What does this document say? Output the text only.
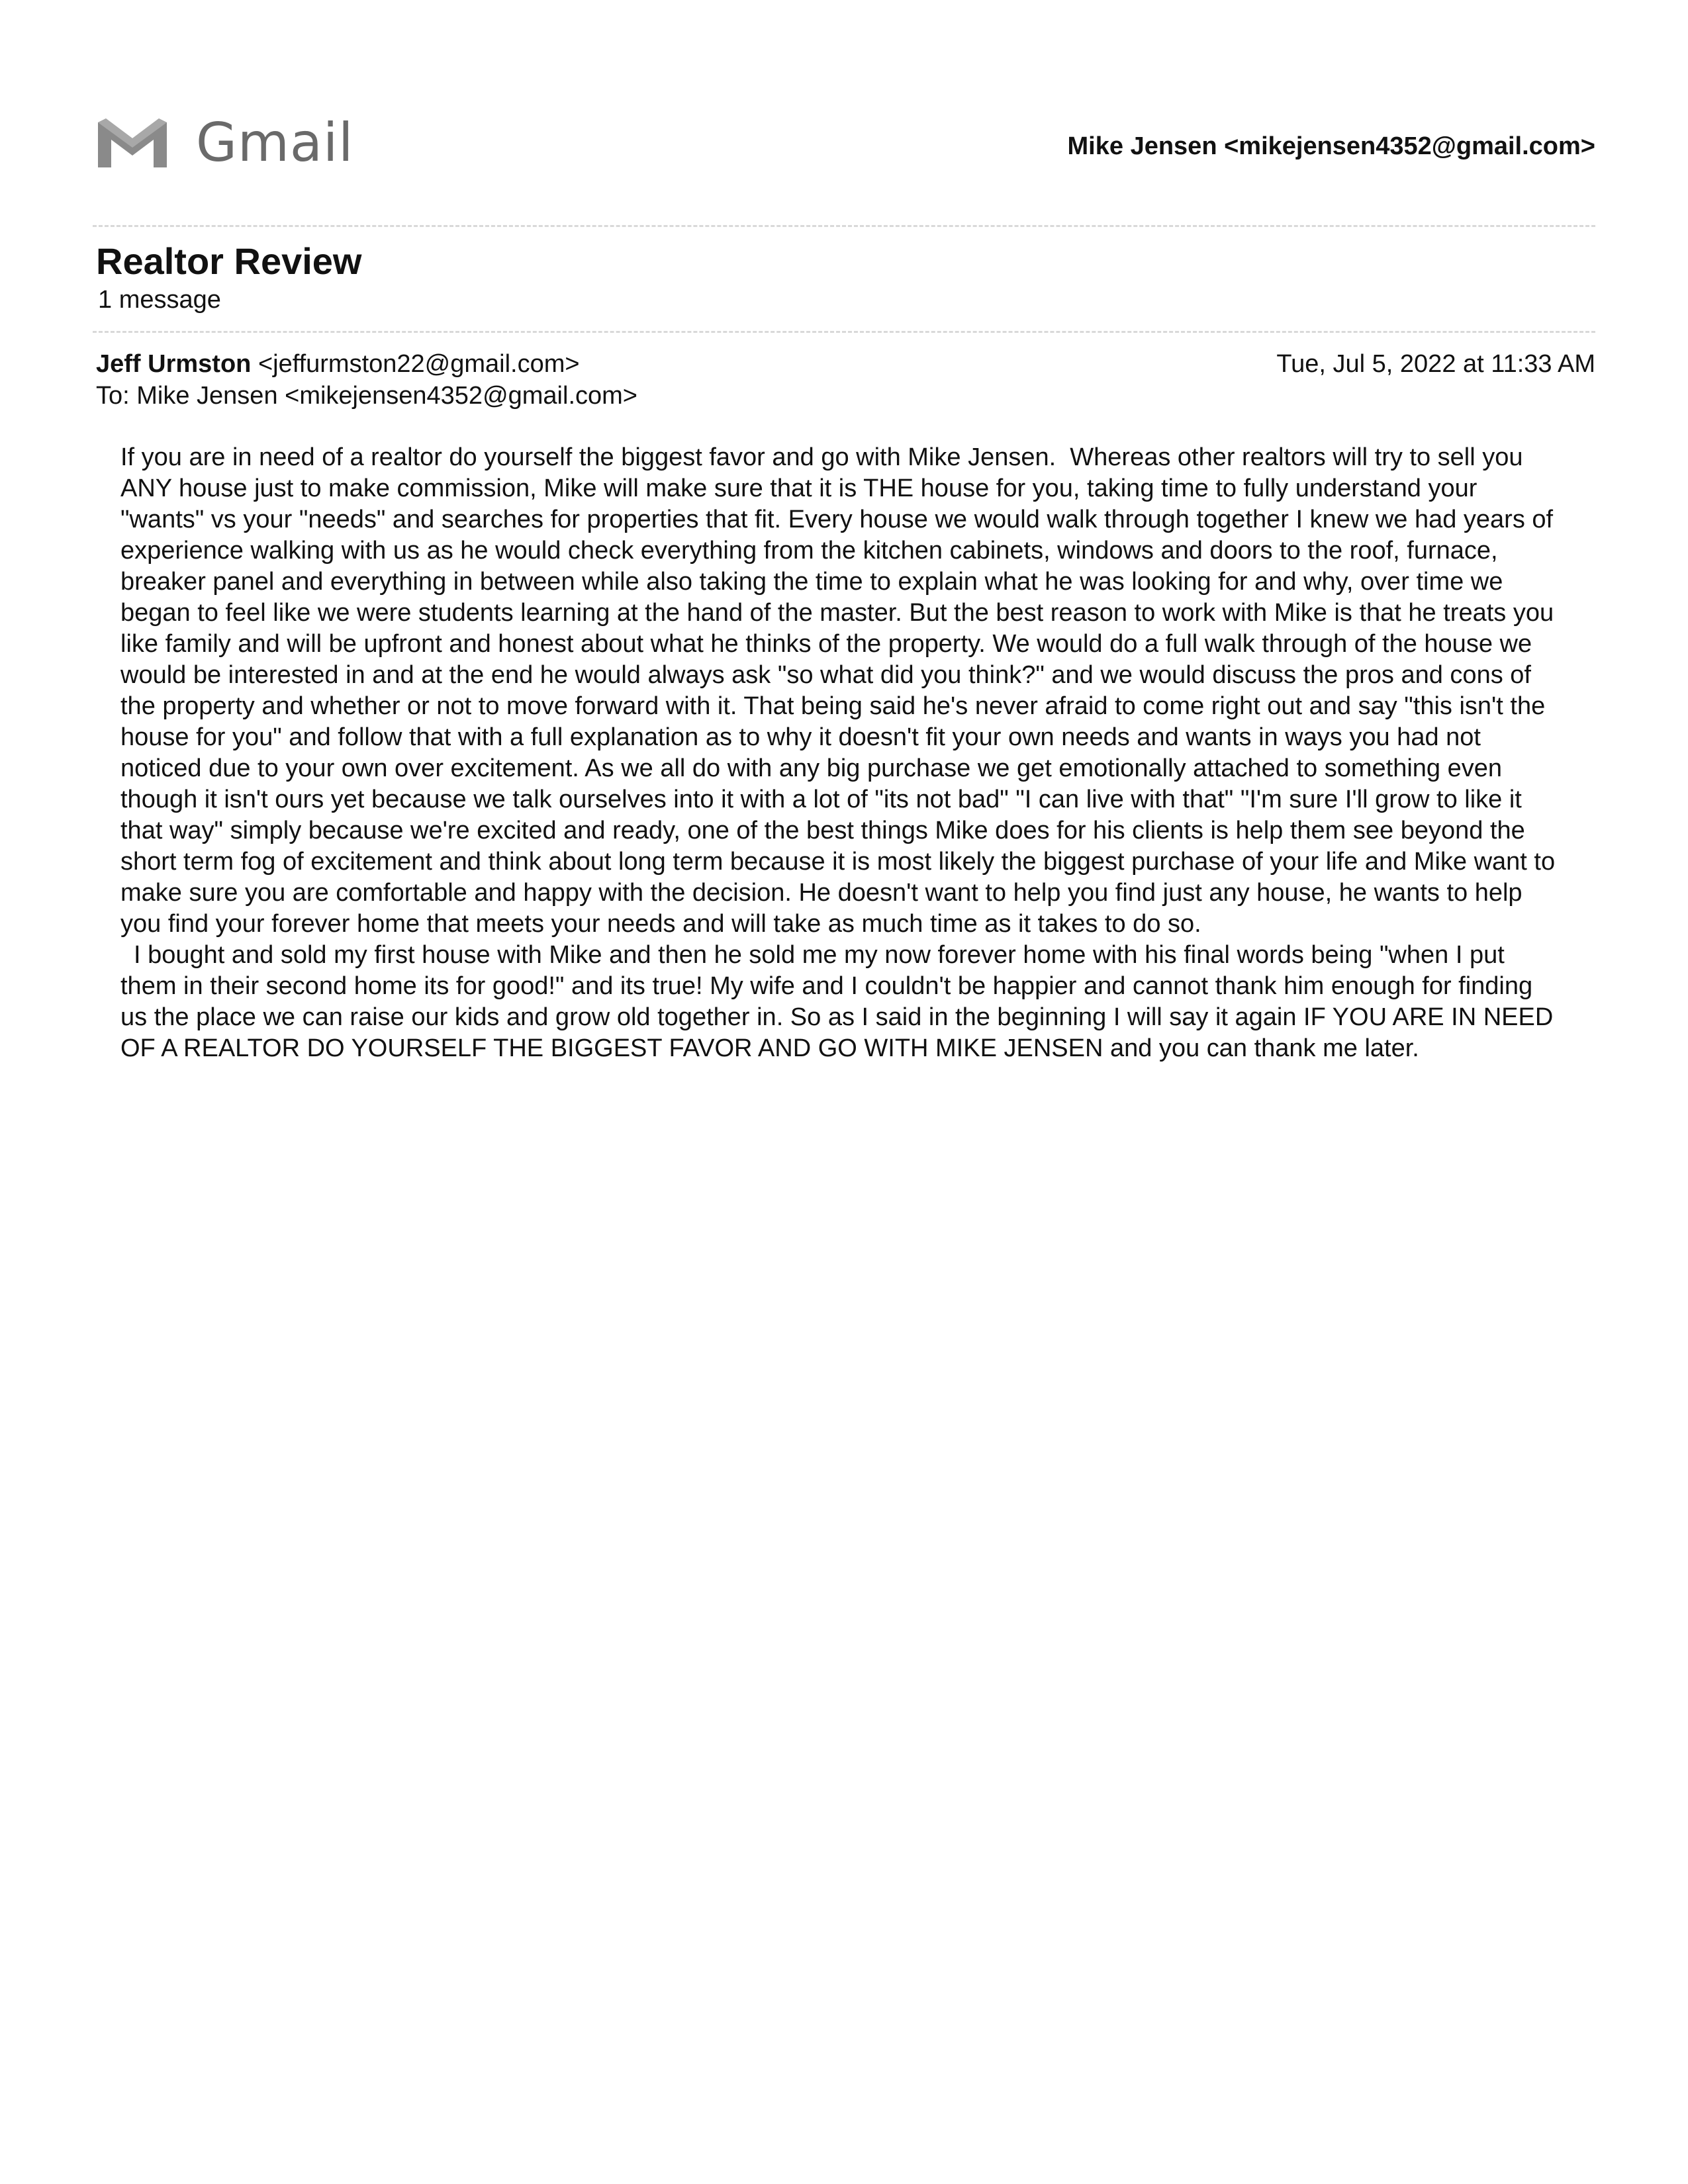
Gmail	Mike Jensen <mikejensen4352@gmail.com>
Realtor Review
1 message
Jeff Urmston <jeffurmston22@gmail.com>
To: Mike Jensen <mikejensen4352@gmail.com>
Tue, Jul 5, 2022 at 11:33 AM

If you are in need of a realtor do yourself the biggest favor and go with Mike Jensen.  Whereas other realtors will try to sell you ANY house just to make commission, Mike will make sure that it is THE house for you, taking time to fully understand your "wants" vs your "needs" and searches for properties that fit. Every house we would walk through together I knew we had years of experience walking with us as he would check everything from the kitchen cabinets, windows and doors to the roof, furnace, breaker panel and everything in between while also taking the time to explain what he was looking for and why, over time we began to feel like we were students learning at the hand of the master. But the best reason to work with Mike is that he treats you like family and will be upfront and honest about what he thinks of the property. We would do a full walk through of the house we would be interested in and at the end he would always ask "so what did you think?" and we would discuss the pros and cons of the property and whether or not to move forward with it. That being said he's never afraid to come right out and say "this isn't the house for you" and follow that with a full explanation as to why it doesn't fit your own needs and wants in ways you had not noticed due to your own over excitement. As we all do with any big purchase we get emotionally attached to something even though it isn't ours yet because we talk ourselves into it with a lot of "its not bad" "I can live with that" "I'm sure I'll grow to like it that way" simply because we're excited and ready, one of the best things Mike does for his clients is help them see beyond the short term fog of excitement and think about long term because it is most likely the biggest purchase of your life and Mike want to make sure you are comfortable and happy with the decision. He doesn't want to help you find just any house, he wants to help you find your forever home that meets your needs and will take as much time as it takes to do so.

I bought and sold my first house with Mike and then he sold me my now forever home with his final words being "when I put them in their second home its for good!" and its true! My wife and I couldn't be happier and cannot thank him enough for finding us the place we can raise our kids and grow old together in. So as I said in the beginning I will say it again IF YOU ARE IN NEED OF A REALTOR DO YOURSELF THE BIGGEST FAVOR AND GO WITH MIKE JENSEN and you can thank me later.
